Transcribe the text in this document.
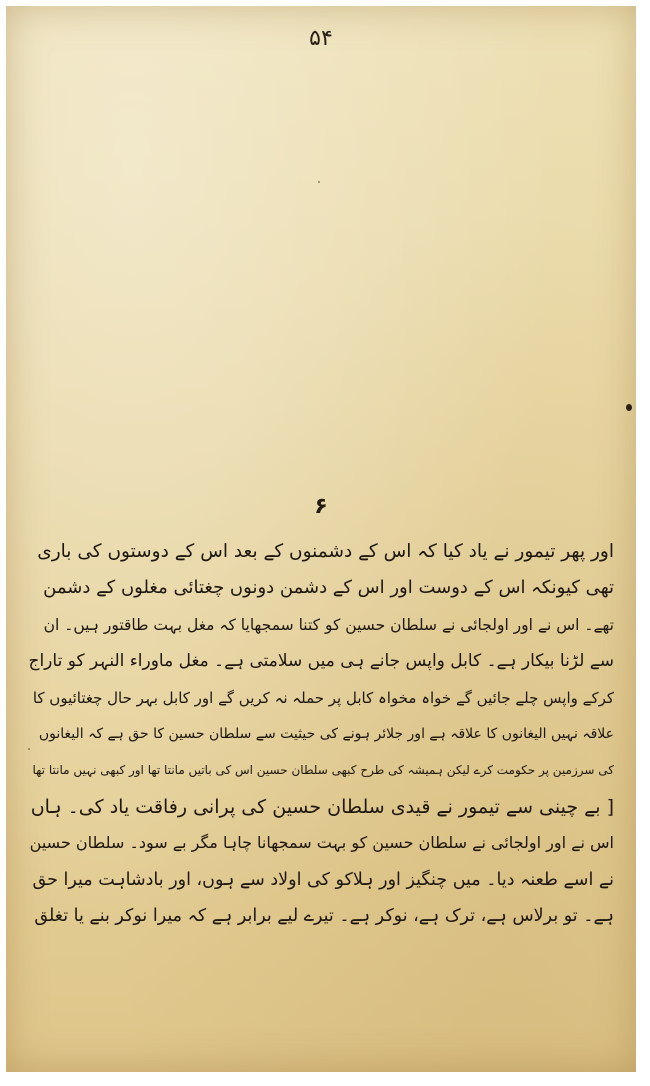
۵۴
۶
اور پھر تیمور نے یاد کیا کہ اس کے دشمنوں کے بعد اس کے دوستوں کی باری
تھی کیونکہ اس کے دوست اور اس کے دشمن دونوں چغتائی مغلوں کے دشمن
تھے۔ اس نے اور اولجائی نے سلطان حسین کو کتنا سمجھایا کہ مغل بہت طاقتور ہیں۔ ان
سے لڑنا بیکار ہے۔ کابل واپس جانے ہی میں سلامتی ہے۔ مغل ماوراء النہر کو تاراج
کرکے واپس چلے جائیں گے خواہ مخواہ کابل پر حملہ نہ کریں گے اور کابل بہر حال چغتائیوں کا
علاقہ نہیں الیغانوں کا علاقہ ہے اور جلائر ہونے کی حیثیت سے سلطان حسین کا حق ہے کہ الیغانوں
کی سرزمین پر حکومت کرے لیکن ہمیشہ کی طرح کبھی سلطان حسین اس کی باتیں مانتا تھا اور کبھی نہیں مانتا تھا
[ بے چینی سے تیمور نے قیدی سلطان حسین کی پرانی رفاقت یاد کی۔ ہاں
اس نے اور اولجائی نے سلطان حسین کو بہت سمجھانا چاہا مگر بے سود۔ سلطان حسین
نے اسے طعنہ دیا۔ میں چنگیز اور ہلاکو کی اولاد سے ہوں، اور بادشاہت میرا حق
ہے۔ تو برلاس ہے، ترک ہے، نوکر ہے۔ تیرے لیے برابر ہے کہ میرا نوکر بنے یا تغلق
